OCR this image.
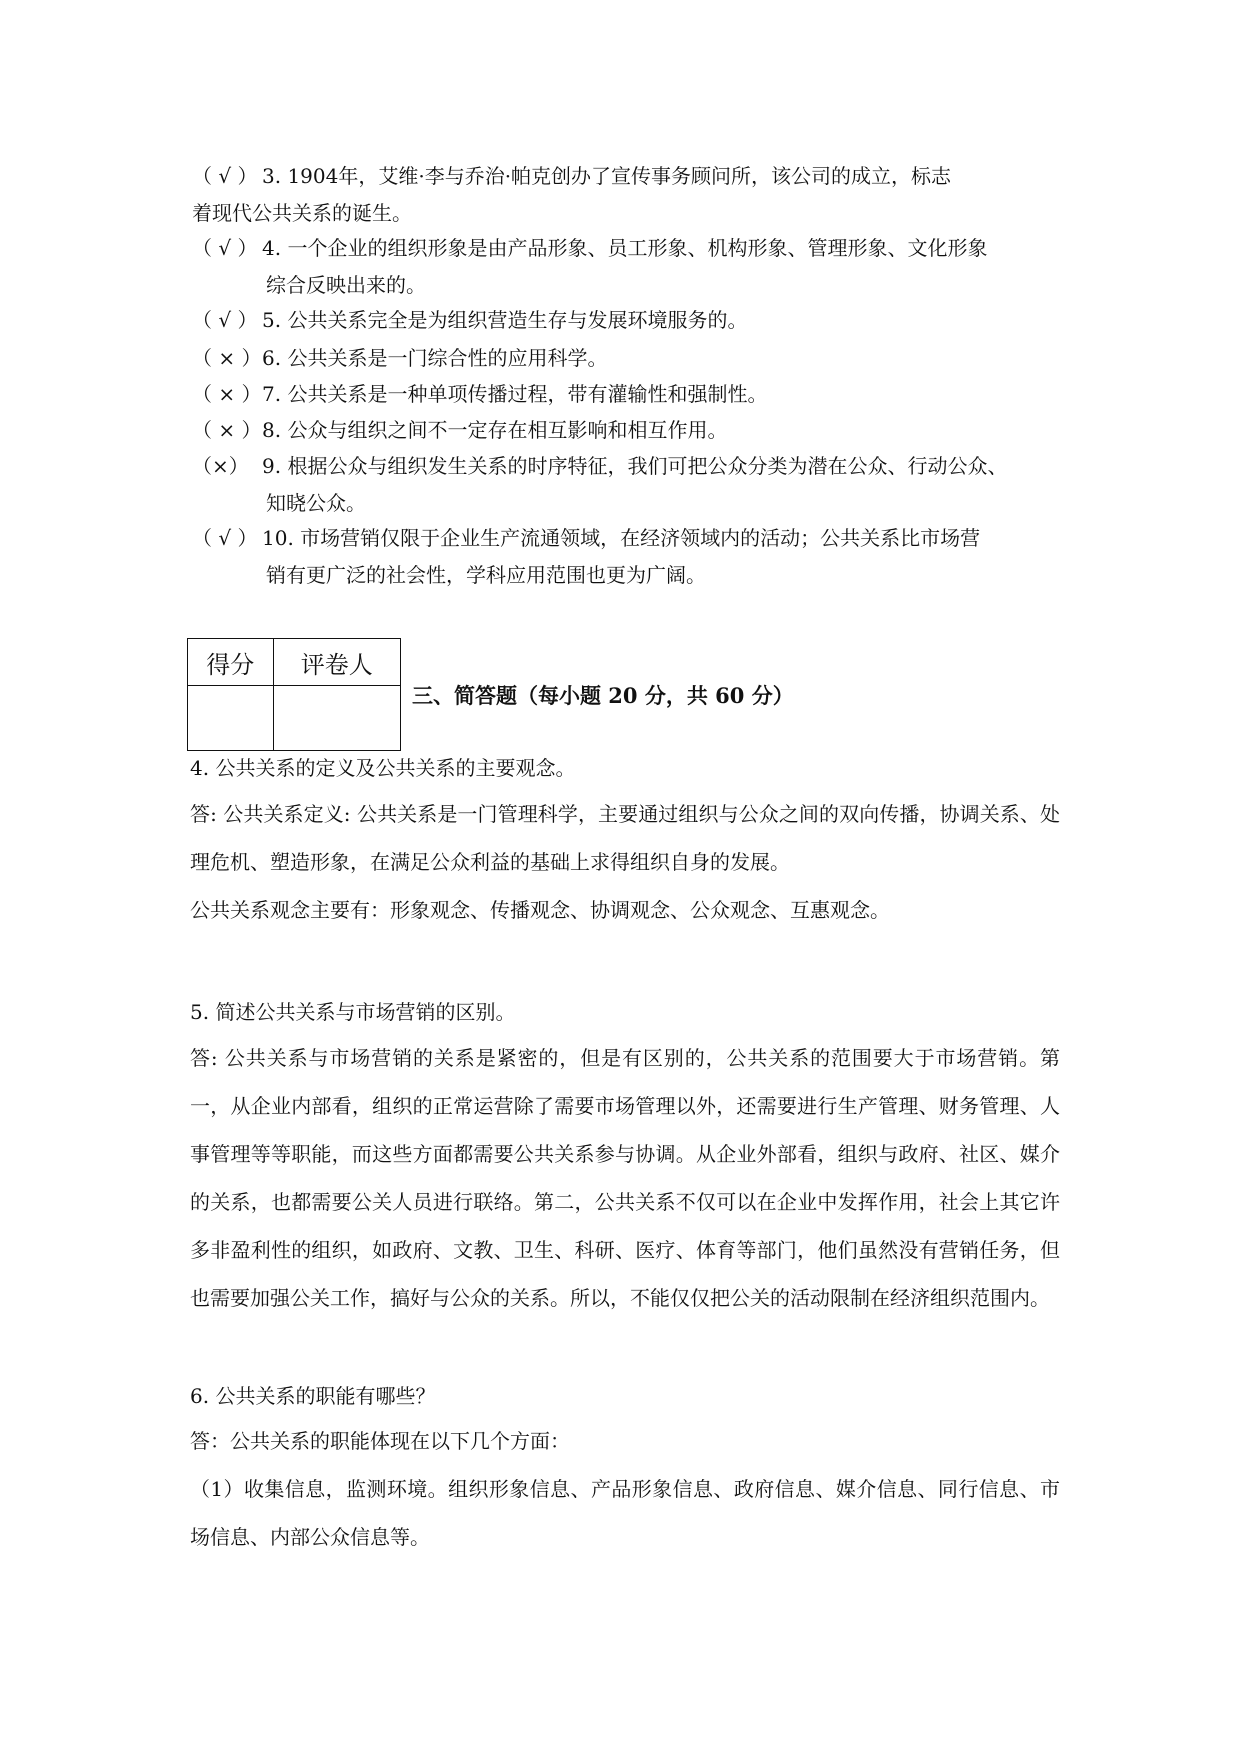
（ √ ） 3. 1904年，艾维·李与乔治·帕克创办了宣传事务顾问所，该公司的成立，标志
着现代公共关系的诞生。
（ √ ） 4. 一个企业的组织形象是由产品形象、员工形象、机构形象、管理形象、文化形象
综合反映出来的。
（ √ ） 5. 公共关系完全是为组织营造生存与发展环境服务的。
（ × ）6. 公共关系是一门综合性的应用科学。
（ × ）7. 公共关系是一种单项传播过程，带有灌输性和强制性。
（ × ）8. 公众与组织之间不一定存在相互影响和相互作用。
（×） 9. 根据公众与组织发生关系的时序特征，我们可把公众分类为潜在公众、行动公众、
知晓公众。
（ √ ） 10. 市场营销仅限于企业生产流通领域，在经济领域内的活动；公共关系比市场营
销有更广泛的社会性，学科应用范围也更为广阔。
得分	评卷人

三、简答题（每小题 20 分，共 60 分）
4. 公共关系的定义及公共关系的主要观念。
答: 公共关系定义: 公共关系是一门管理科学，主要通过组织与公众之间的双向传播，协调关系、处理危机、塑造形象，在满足公众利益的基础上求得组织自身的发展。
公共关系观念主要有：形象观念、传播观念、协调观念、公众观念、互惠观念。
5. 简述公共关系与市场营销的区别。
答: 公共关系与市场营销的关系是紧密的，但是有区别的，公共关系的范围要大于市场营销。第一，从企业内部看，组织的正常运营除了需要市场管理以外，还需要进行生产管理、财务管理、人事管理等等职能，而这些方面都需要公共关系参与协调。从企业外部看，组织与政府、社区、媒介的关系，也都需要公关人员进行联络。第二，公共关系不仅可以在企业中发挥作用，社会上其它许多非盈利性的组织，如政府、文教、卫生、科研、医疗、体育等部门，他们虽然没有营销任务，但也需要加强公关工作，搞好与公众的关系。所以，不能仅仅把公关的活动限制在经济组织范围内。
6. 公共关系的职能有哪些？
答：公共关系的职能体现在以下几个方面：
（1）收集信息，监测环境。组织形象信息、产品形象信息、政府信息、媒介信息、同行信息、市场信息、内部公众信息等。
